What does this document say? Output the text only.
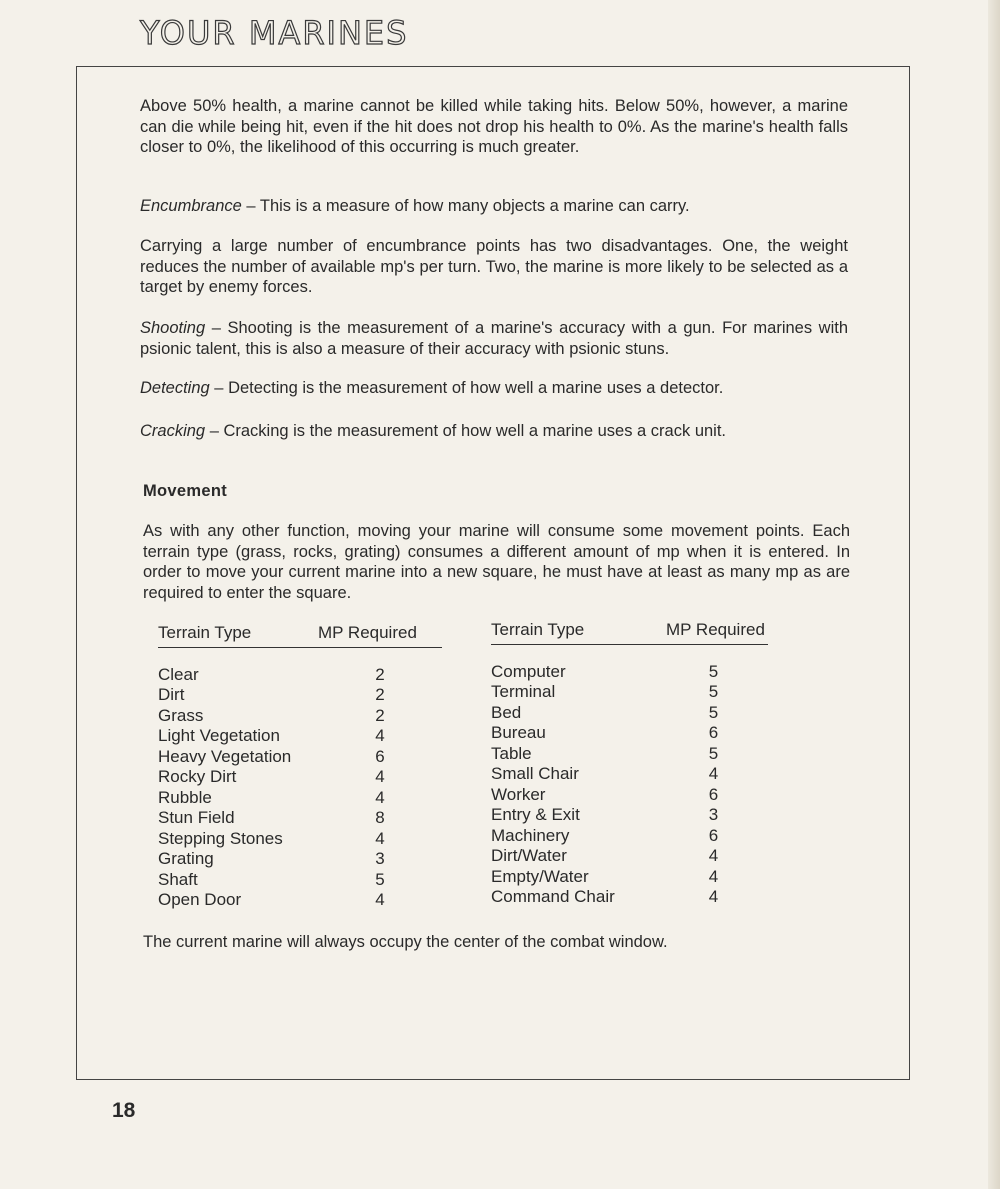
YOUR MARINES

Above 50% health, a marine cannot be killed while taking hits. Below 50%, however, a marine can die while being hit, even if the hit does not drop his health to 0%. As the marine's health falls closer to 0%, the likelihood of this occurring is much greater.

Encumbrance – This is a measure of how many objects a marine can carry.

Carrying a large number of encumbrance points has two disadvantages. One, the weight reduces the number of available mp's per turn. Two, the marine is more likely to be selected as a target by enemy forces.

Shooting – Shooting is the measurement of a marine's accuracy with a gun. For marines with psionic talent, this is also a measure of their accuracy with psionic stuns.

Detecting – Detecting is the measurement of how well a marine uses a detector.

Cracking – Cracking is the measurement of how well a marine uses a crack unit.

Movement

As with any other function, moving your marine will consume some movement points. Each terrain type (grass, rocks, grating) consumes a different amount of mp when it is entered. In order to move your current marine into a new square, he must have at least as many mp as are required to enter the square.

Terrain Type	MP Required
Clear	2
Dirt	2
Grass	2
Light Vegetation	4
Heavy Vegetation	6
Rocky Dirt	4
Rubble	4
Stun Field	8
Stepping Stones	4
Grating	3
Shaft	5
Open Door	4
Terrain Type	MP Required
Computer	5
Terminal	5
Bed	5
Bureau	6
Table	5
Small Chair	4
Worker	6
Entry & Exit	3
Machinery	6
Dirt/Water	4
Empty/Water	4
Command Chair	4
The current marine will always occupy the center of the combat window.
18
